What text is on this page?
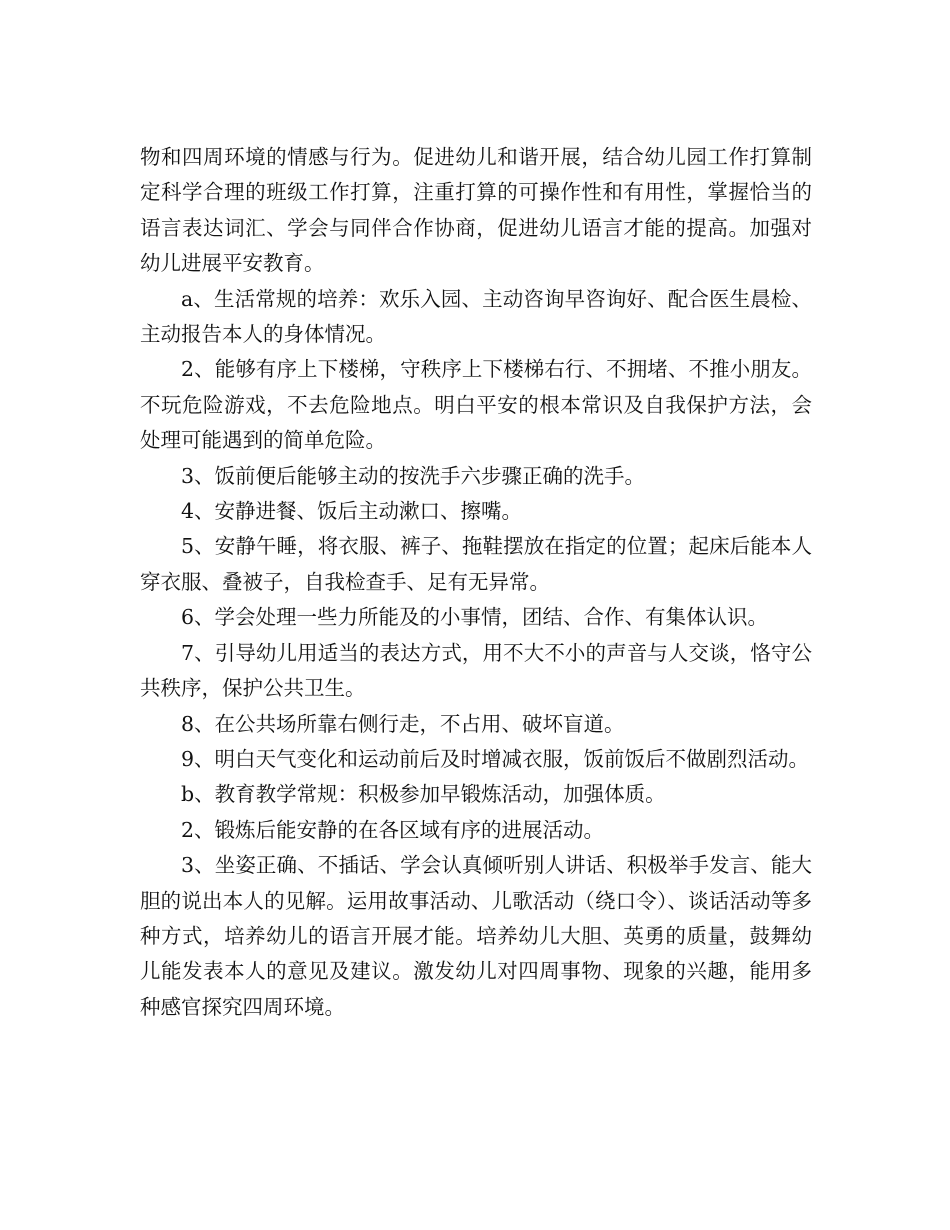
物和四周环境的情感与行为。促进幼儿和谐开展，结合幼儿园工作打算制定科学合理的班级工作打算，注重打算的可操作性和有用性，掌握恰当的语言表达词汇、学会与同伴合作协商，促进幼儿语言才能的提高。加强对幼儿进展平安教育。

a、生活常规的培养：欢乐入园、主动咨询早咨询好、配合医生晨检、主动报告本人的身体情况。

2、能够有序上下楼梯，守秩序上下楼梯右行、不拥堵、不推小朋友。不玩危险游戏，不去危险地点。明白平安的根本常识及自我保护方法，会处理可能遇到的简单危险。

3、饭前便后能够主动的按洗手六步骤正确的洗手。

4、安静进餐、饭后主动漱口、擦嘴。

5、安静午睡，将衣服、裤子、拖鞋摆放在指定的位置；起床后能本人穿衣服、叠被子，自我检查手、足有无异常。

6、学会处理一些力所能及的小事情，团结、合作、有集体认识。

7、引导幼儿用适当的表达方式，用不大不小的声音与人交谈，恪守公共秩序，保护公共卫生。

8、在公共场所靠右侧行走，不占用、破坏盲道。

9、明白天气变化和运动前后及时增减衣服，饭前饭后不做剧烈活动。

b、教育教学常规：积极参加早锻炼活动，加强体质。

2、锻炼后能安静的在各区域有序的进展活动。

3、坐姿正确、不插话、学会认真倾听别人讲话、积极举手发言、能大胆的说出本人的见解。运用故事活动、儿歌活动（绕口令）、谈话活动等多种方式，培养幼儿的语言开展才能。培养幼儿大胆、英勇的质量，鼓舞幼儿能发表本人的意见及建议。激发幼儿对四周事物、现象的兴趣，能用多种感官探究四周环境。
